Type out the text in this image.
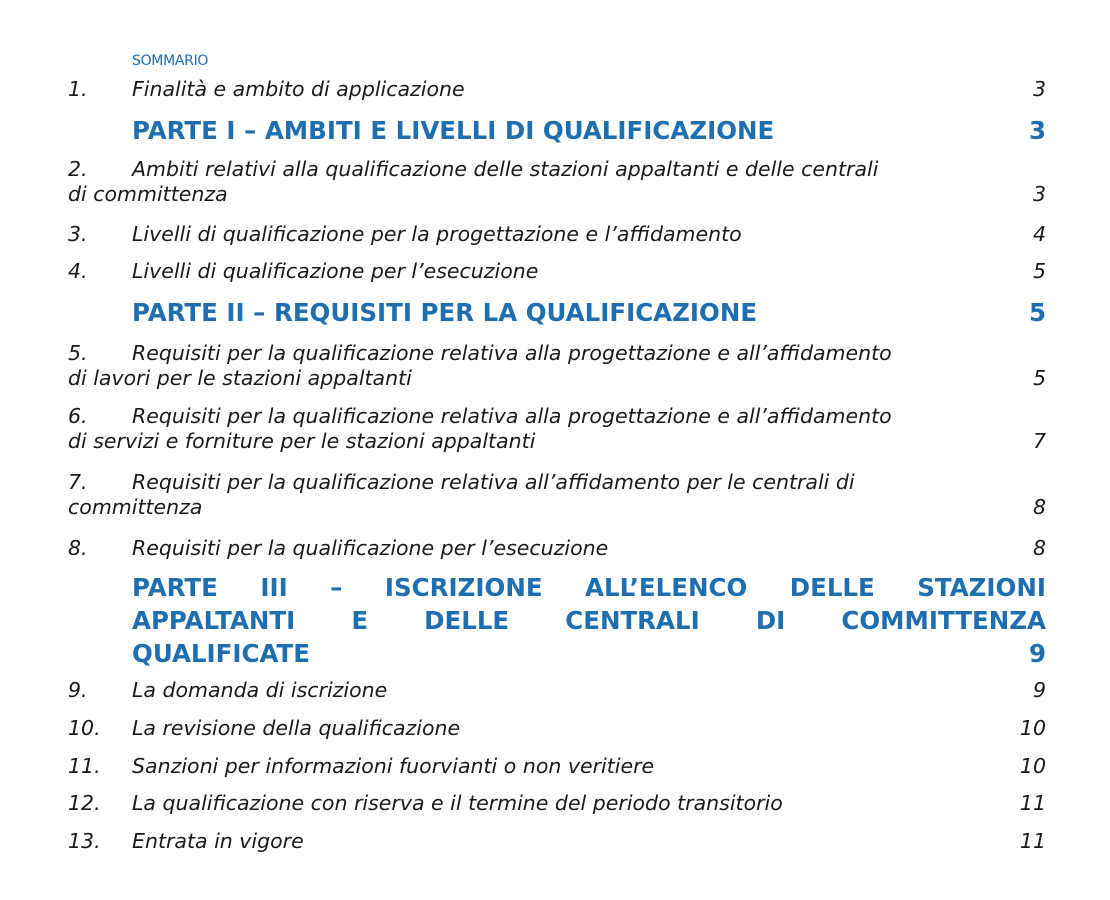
SOMMARIO
1. Finalità e ambito di applicazione	3
PARTE I – AMBITI E LIVELLI DI QUALIFICAZIONE	3
2. Ambiti relativi alla qualificazione delle stazioni appaltanti e delle centrali
di committenza	3
3. Livelli di qualificazione per la progettazione e l’affidamento	4
4. Livelli di qualificazione per l’esecuzione	5
PARTE II – REQUISITI PER LA QUALIFICAZIONE	5
5. Requisiti per la qualificazione relativa alla progettazione e all’affidamento
di lavori per le stazioni appaltanti	5
6. Requisiti per la qualificazione relativa alla progettazione e all’affidamento
di servizi e forniture per le stazioni appaltanti	7
7. Requisiti per la qualificazione relativa all’affidamento per le centrali di
committenza	8
8. Requisiti per la qualificazione per l’esecuzione	8
PARTE III – ISCRIZIONE ALL’ELENCO DELLE STAZIONI
APPALTANTI E DELLE CENTRALI DI COMMITTENZA
QUALIFICATE	9
9. La domanda di iscrizione	9
10. La revisione della qualificazione	10
11. Sanzioni per informazioni fuorvianti o non veritiere	10
12. La qualificazione con riserva e il termine del periodo transitorio	11
13. Entrata in vigore	11
